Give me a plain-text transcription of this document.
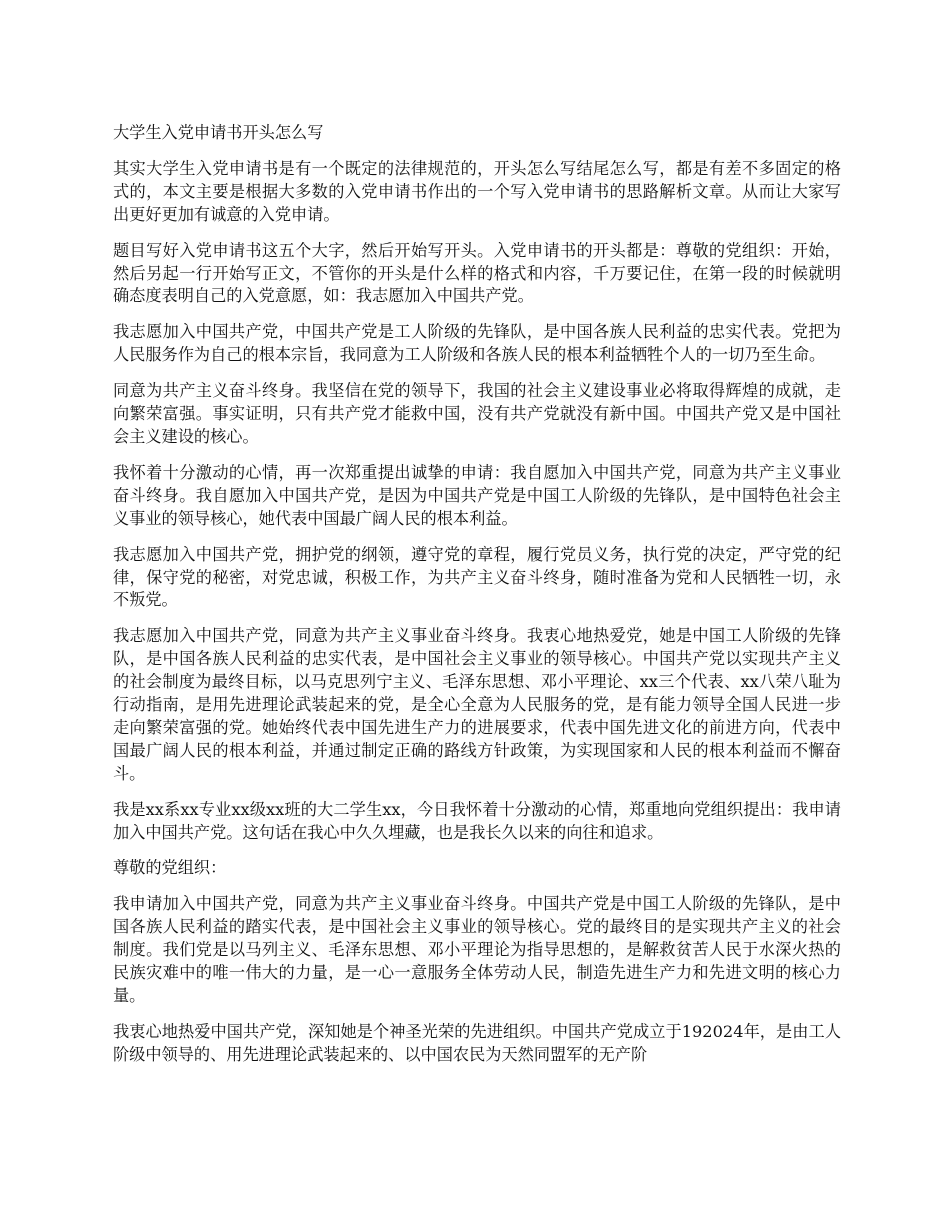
大学生入党申请书开头怎么写

其实大学生入党申请书是有一个既定的法律规范的，开头怎么写结尾怎么写，都是有差不多固定的格式的，本文主要是根据大多数的入党申请书作出的一个写入党申请书的思路解析文章。从而让大家写出更好更加有诚意的入党申请。

题目写好入党申请书这五个大字，然后开始写开头。入党申请书的开头都是：尊敬的党组织：开始，然后另起一行开始写正文，不管你的开头是什么样的格式和内容，千万要记住，在第一段的时候就明确态度表明自己的入党意愿，如：我志愿加入中国共产党。

我志愿加入中国共产党，中国共产党是工人阶级的先锋队，是中国各族人民利益的忠实代表。党把为人民服务作为自己的根本宗旨，我同意为工人阶级和各族人民的根本利益牺牲个人的一切乃至生命。

同意为共产主义奋斗终身。我坚信在党的领导下，我国的社会主义建设事业必将取得辉煌的成就，走向繁荣富强。事实证明，只有共产党才能救中国，没有共产党就没有新中国。中国共产党又是中国社会主义建设的核心。

我怀着十分激动的心情，再一次郑重提出诚挚的申请：我自愿加入中国共产党，同意为共产主义事业奋斗终身。我自愿加入中国共产党，是因为中国共产党是中国工人阶级的先锋队，是中国特色社会主义事业的领导核心，她代表中国最广阔人民的根本利益。

我志愿加入中国共产党，拥护党的纲领，遵守党的章程，履行党员义务，执行党的决定，严守党的纪律，保守党的秘密，对党忠诚，积极工作，为共产主义奋斗终身，随时准备为党和人民牺牲一切，永不叛党。

我志愿加入中国共产党，同意为共产主义事业奋斗终身。我衷心地热爱党，她是中国工人阶级的先锋队，是中国各族人民利益的忠实代表，是中国社会主义事业的领导核心。中国共产党以实现共产主义的社会制度为最终目标，以马克思列宁主义、毛泽东思想、邓小平理论、xx三个代表、xx八荣八耻为行动指南，是用先进理论武装起来的党，是全心全意为人民服务的党，是有能力领导全国人民进一步走向繁荣富强的党。她始终代表中国先进生产力的进展要求，代表中国先进文化的前进方向，代表中国最广阔人民的根本利益，并通过制定正确的路线方针政策，为实现国家和人民的根本利益而不懈奋斗。

我是xx系xx专业xx级xx班的大二学生xx，今日我怀着十分激动的心情，郑重地向党组织提出：我申请加入中国共产党。这句话在我心中久久埋藏，也是我长久以来的向往和追求。

尊敬的党组织：

我申请加入中国共产党，同意为共产主义事业奋斗终身。中国共产党是中国工人阶级的先锋队，是中国各族人民利益的踏实代表，是中国社会主义事业的领导核心。党的最终目的是实现共产主义的社会制度。我们党是以马列主义、毛泽东思想、邓小平理论为指导思想的，是解救贫苦人民于水深火热的民族灾难中的唯一伟大的力量，是一心一意服务全体劳动人民，制造先进生产力和先进文明的核心力量。

我衷心地热爱中国共产党，深知她是个神圣光荣的先进组织。中国共产党成立于192024年，是由工人阶级中领导的、用先进理论武装起来的、以中国农民为天然同盟军的无产阶
